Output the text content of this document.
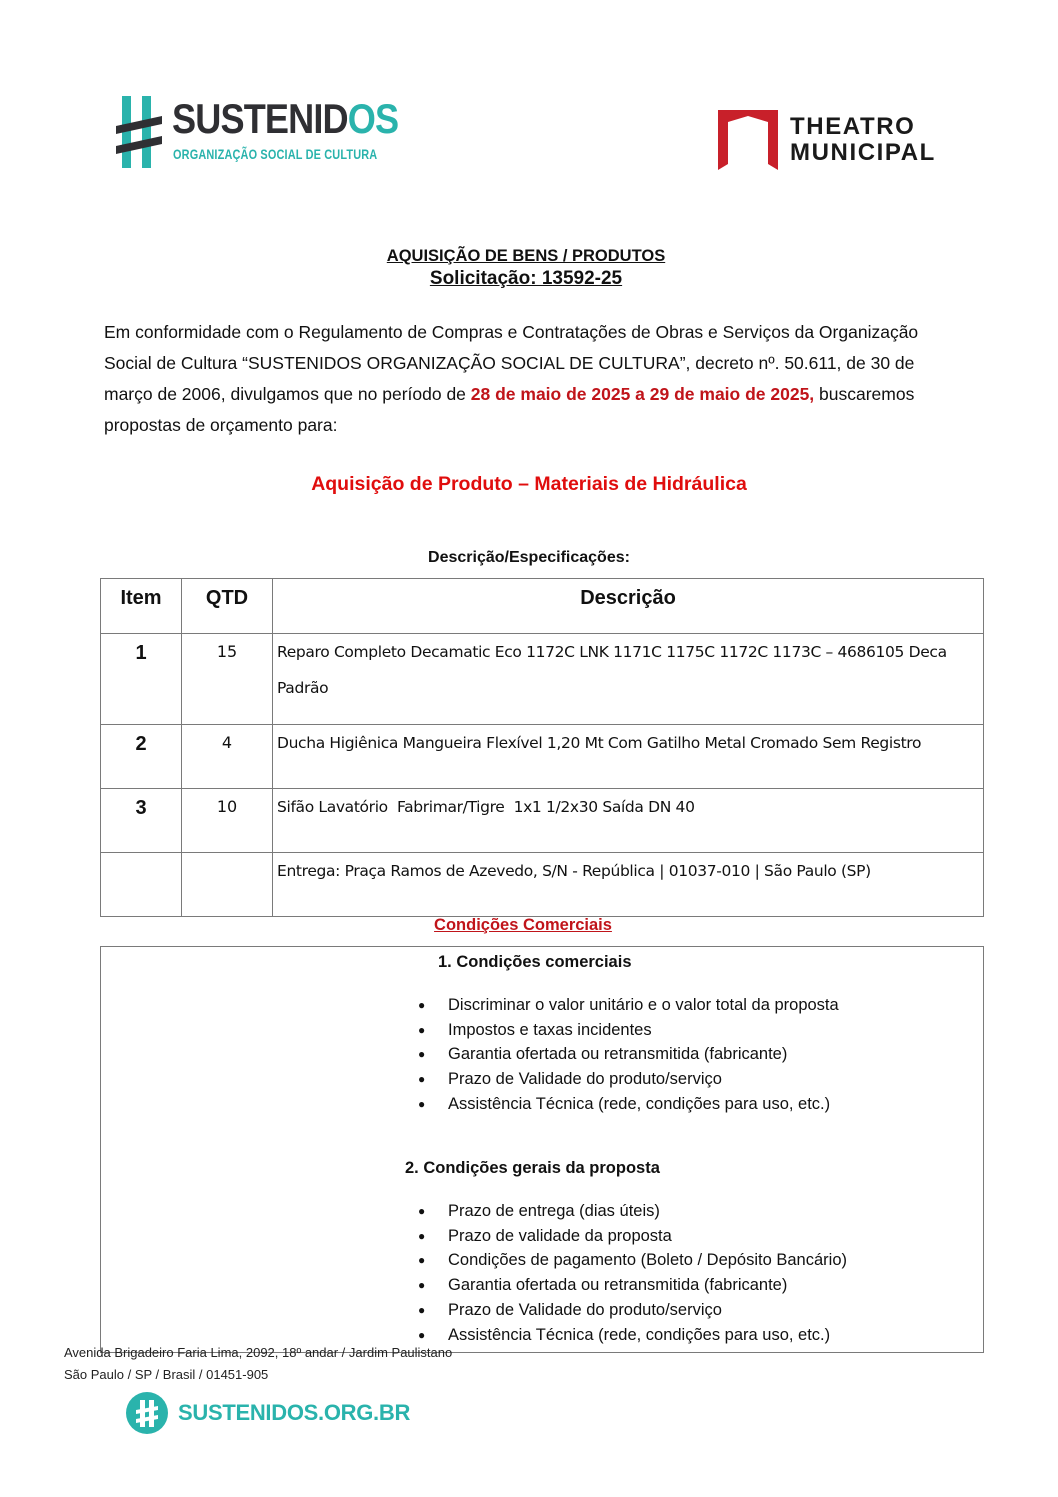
SUSTENIDOS
ORGANIZAÇÃO SOCIAL DE CULTURA
THEATRO
MUNICIPAL
AQUISIÇÃO DE BENS / PRODUTOS
Solicitação: 13592-25
Em conformidade com o Regulamento de Compras e Contratações de Obras e Serviços da Organização Social de Cultura “SUSTENIDOS ORGANIZAÇÃO SOCIAL DE CULTURA”, decreto nº. 50.611, de 30 de março de 2006, divulgamos que no período de 28 de maio de 2025 a 29 de maio de 2025, buscaremos propostas de orçamento para:
Aquisição de Produto – Materiais de Hidráulica
Descrição/Especificações:
Item	QTD	Descrição
1	15	Reparo Completo Decamatic Eco 1172C LNK 1171C 1175C 1172C 1173C – 4686105 Deca Padrão
2	4	Ducha Higiênica Mangueira Flexível 1,20 Mt Com Gatilho Metal Cromado Sem Registro
3	10	Sifão Lavatório  Fabrimar/Tigre  1x1 1/2x30 Saída DN 40
		Entrega: Praça Ramos de Azevedo, S/N - República | 01037-010 | São Paulo (SP)
Condições Comerciais
1. Condições comerciais
● Discriminar o valor unitário e o valor total da proposta
● Impostos e taxas incidentes
● Garantia ofertada ou retransmitida (fabricante)
● Prazo de Validade do produto/serviço
● Assistência Técnica (rede, condições para uso, etc.)
2. Condições gerais da proposta
● Prazo de entrega (dias úteis)
● Prazo de validade da proposta
● Condições de pagamento (Boleto / Depósito Bancário)
● Garantia ofertada ou retransmitida (fabricante)
● Prazo de Validade do produto/serviço
● Assistência Técnica (rede, condições para uso, etc.)
Avenida Brigadeiro Faria Lima, 2092, 18º andar / Jardim Paulistano
São Paulo / SP / Brasil / 01451-905
SUSTENIDOS.ORG.BR
